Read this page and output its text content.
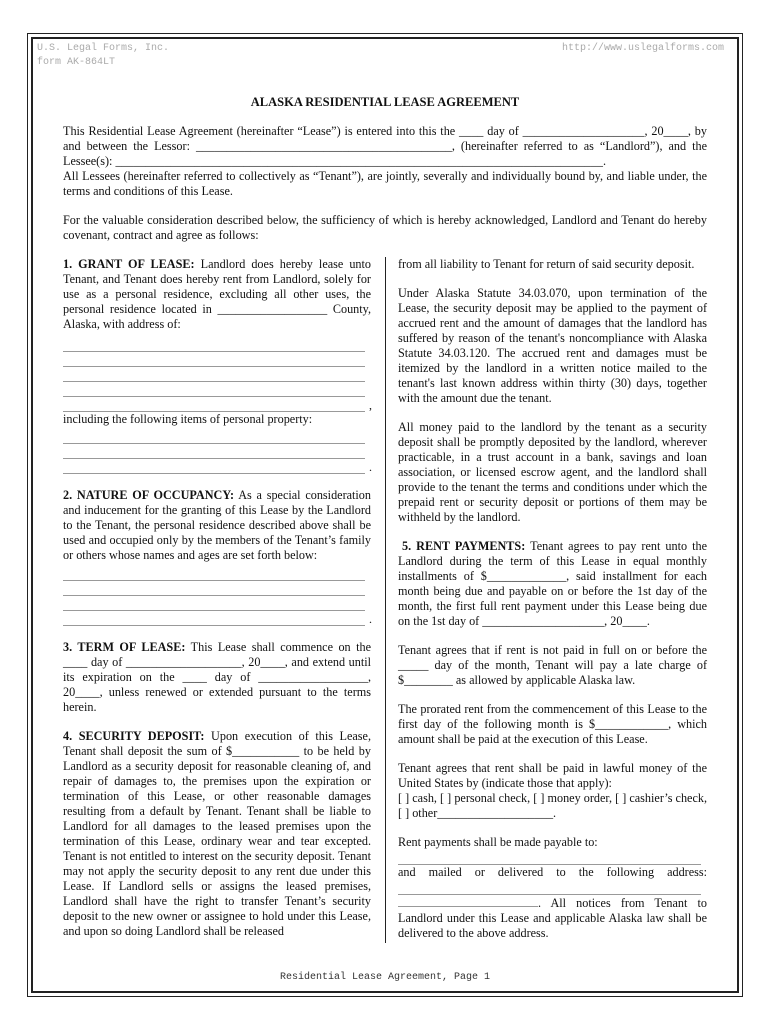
U.S. Legal Forms, Inc.
form AK-864LT
http://www.uslegalforms.com
ALASKA RESIDENTIAL LEASE AGREEMENT

This Residential Lease Agreement (hereinafter “Lease”) is entered into this the ____ day of ____________________, 20____, by and between the Lessor: __________________________________________, (hereinafter referred to as “Landlord”), and the Lessee(s): ________________________________________________________________________________.

All Lessees (hereinafter referred to collectively as “Tenant”), are jointly, severally and individually bound by, and liable under, the terms and conditions of this Lease.

For the valuable consideration described below, the sufficiency of which is hereby acknowledged, Landlord and Tenant do hereby covenant, contract and agree as follows:

1. GRANT OF LEASE: Landlord does hereby lease unto Tenant, and Tenant does hereby rent from Landlord, solely for use as a personal residence, excluding all other uses, the personal residence located in __________________ County, Alaska, with address of:

,
including the following items of personal property:
.

2. NATURE OF OCCUPANCY: As a special consideration and inducement for the granting of this Lease by the Landlord to the Tenant, the personal residence described above shall be used and occupied only by the members of the Tenant’s family or others whose names and ages are set forth below:

.

3. TERM OF LEASE: This Lease shall commence on the ____ day of ___________________, 20____, and extend until its expiration on the ____ day of __________________, 20____, unless renewed or extended pursuant to the terms herein.

4. SECURITY DEPOSIT: Upon execution of this Lease, Tenant shall deposit the sum of $___________ to be held by Landlord as a security deposit for reasonable cleaning of, and repair of damages to, the premises upon the expiration or termination of this Lease, or other reasonable damages resulting from a default by Tenant. Tenant shall be liable to Landlord for all damages to the leased premises upon the termination of this Lease, ordinary wear and tear excepted. Tenant is not entitled to interest on the security deposit. Tenant may not apply the security deposit to any rent due under this Lease. If Landlord sells or assigns the leased premises, Landlord shall have the right to transfer Tenant’s security deposit to the new owner or assignee to hold under this Lease, and upon so doing Landlord shall be released

from all liability to Tenant for return of said security deposit.

Under Alaska Statute 34.03.070, upon termination of the Lease, the security deposit may be applied to the payment of accrued rent and the amount of damages that the landlord has suffered by reason of the tenant's noncompliance with Alaska Statute 34.03.120. The accrued rent and damages must be itemized by the landlord in a written notice mailed to the tenant's last known address within thirty (30) days, together with the amount due the tenant.

All money paid to the landlord by the tenant as a security deposit shall be promptly deposited by the landlord, wherever practicable, in a trust account in a bank, savings and loan association, or licensed escrow agent, and the landlord shall provide to the tenant the terms and conditions under which the prepaid rent or security deposit or portions of them may be withheld by the landlord.

5. RENT PAYMENTS: Tenant agrees to pay rent unto the Landlord during the term of this Lease in equal monthly installments of $_____________, said installment for each month being due and payable on or before the 1st day of the month, the first full rent payment under this Lease being due on the 1st day of ____________________, 20____.

Tenant agrees that if rent is not paid in full on or before the _____ day of the month, Tenant will pay a late charge of $________ as allowed by applicable Alaska law.

The prorated rent from the commencement of this Lease to the first day of the following month is $____________, which amount shall be paid at the execution of this Lease.

Tenant agrees that rent shall be paid in lawful money of the United States by (indicate those that apply):

[ ] cash, [ ] personal check, [ ] money order, [ ] cashier’s check, [ ] other___________________.

Rent payments shall be made payable to:

and mailed or delivered to the following address:
. All notices from Tenant to Landlord under this Lease and applicable Alaska law shall be delivered to the above address.
Residential Lease Agreement, Page 1
